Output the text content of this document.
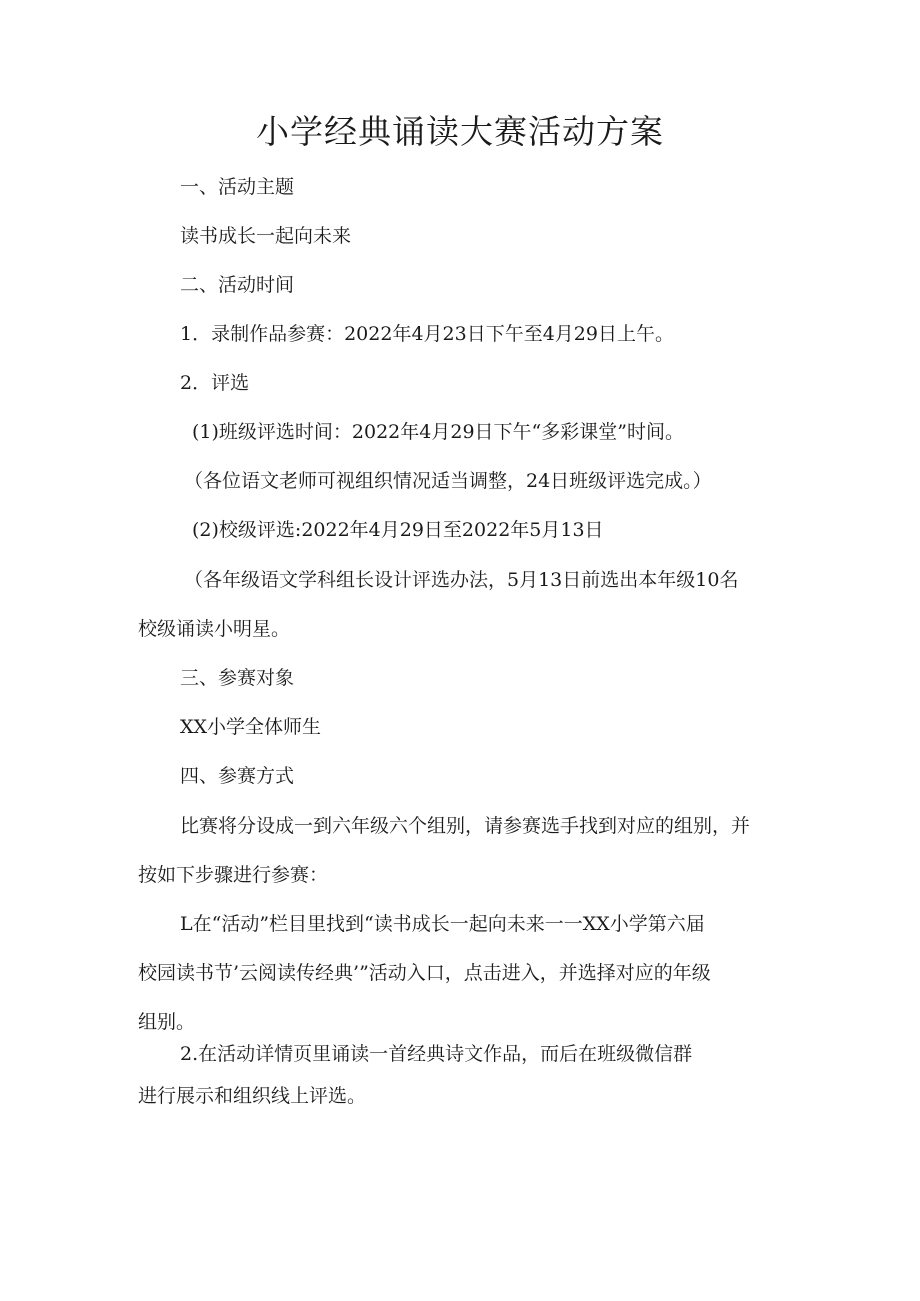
小学经典诵读大赛活动方案
一、活动主题
读书成长一起向未来
二、活动时间
1．录制作品参赛：2022年4月23日下午至4月29日上午。
2．评选
(1)班级评选时间：2022年4月29日下午“多彩课堂”时间。
（各位语文老师可视组织情况适当调整，24日班级评选完成。）
(2)校级评选:2022年4月29日至2022年5月13日
（各年级语文学科组长设计评选办法，5月13日前选出本年级10名
校级诵读小明星。
三、参赛对象
XX小学全体师生
四、参赛方式
比赛将分设成一到六年级六个组别，请参赛选手找到对应的组别，并
按如下步骤进行参赛：
L在“活动”栏目里找到“读书成长一起向未来一一XX小学第六届
校园读书节’云阅读传经典’”活动入口，点击进入，并选择对应的年级
组别。
2.在活动详情页里诵读一首经典诗文作品，而后在班级微信群
进行展示和组织线上评选。
